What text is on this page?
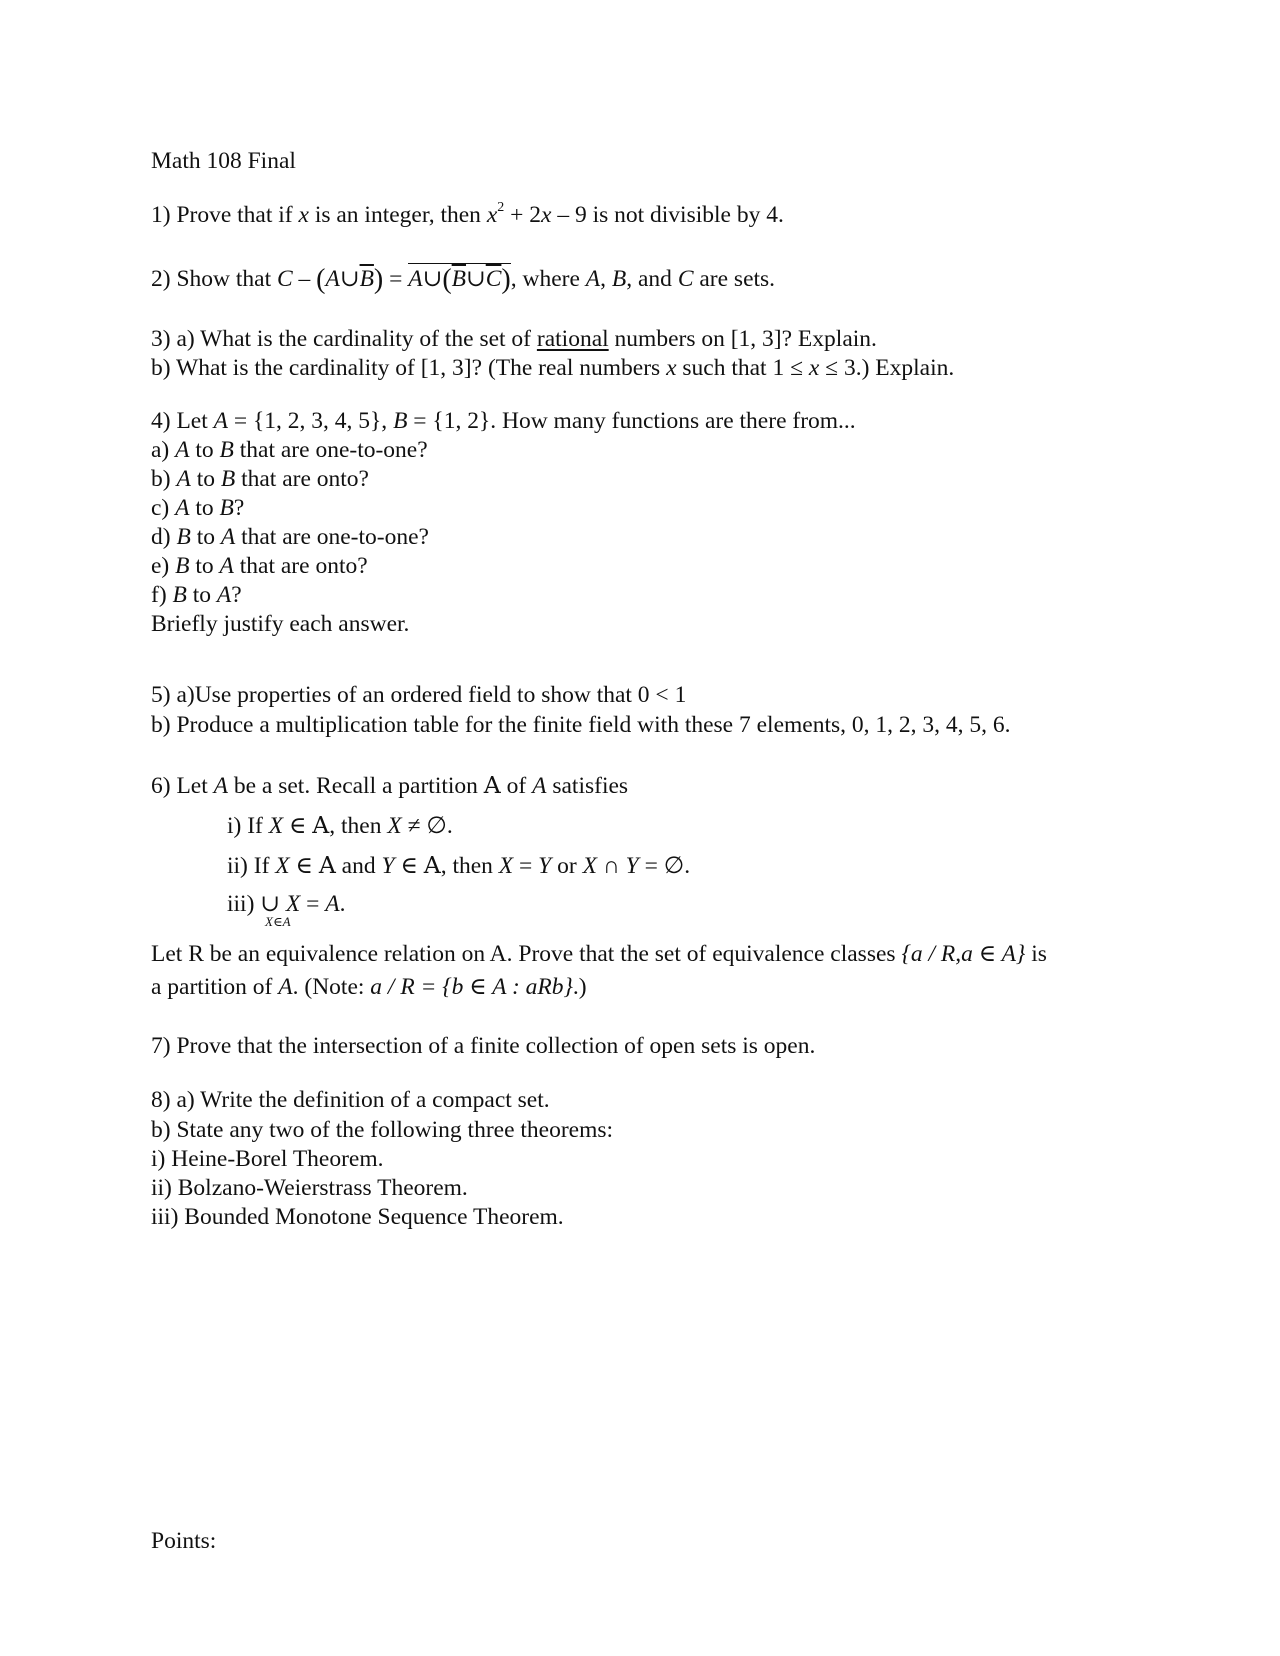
Math 108 Final
1) Prove that if x is an integer, then $x^2 + 2x - 9$ is not divisible by 4.
2) Show that C – $(A\cup\overline{B})$ = $A\cup(\overline{B}\cup\overline{C})$, where A, B, and C are sets.
3) a) What is the cardinality of the set of rational numbers on [1, 3]? Explain.
b) What is the cardinality of [1, 3]? (The real numbers x such that 1 ≤ x ≤ 3.) Explain.
4) Let A = {1, 2, 3, 4, 5}, B = {1, 2}. How many functions are there from...
a) A to B that are one-to-one?
b) A to B that are onto?
c) A to B?
d) B to A that are one-to-one?
e) B to A that are onto?
f) B to A?
Briefly justify each answer.
5) a)Use properties of an ordered field to show that 0 < 1
b) Produce a multiplication table for the finite field with these 7 elements, 0, 1, 2, 3, 4, 5, 6.
6) Let A be a set. Recall a partition A of A satisfies
i) If X ∈ A, then X ≠ ∅.
ii) If X ∈ A and Y ∈ A, then X = Y or X ∩ Y = ∅.
iii) ∪ X = A.
X∈A
Let R be an equivalence relation on A. Prove that the set of equivalence classes {a / R,a ∈ A} is
a partition of A. (Note: a / R = {b ∈ A : aRb}.)
7) Prove that the intersection of a finite collection of open sets is open.
8) a) Write the definition of a compact set.
b) State any two of the following three theorems:
i) Heine-Borel Theorem.
ii) Bolzano-Weierstrass Theorem.
iii) Bounded Monotone Sequence Theorem.
Points:
